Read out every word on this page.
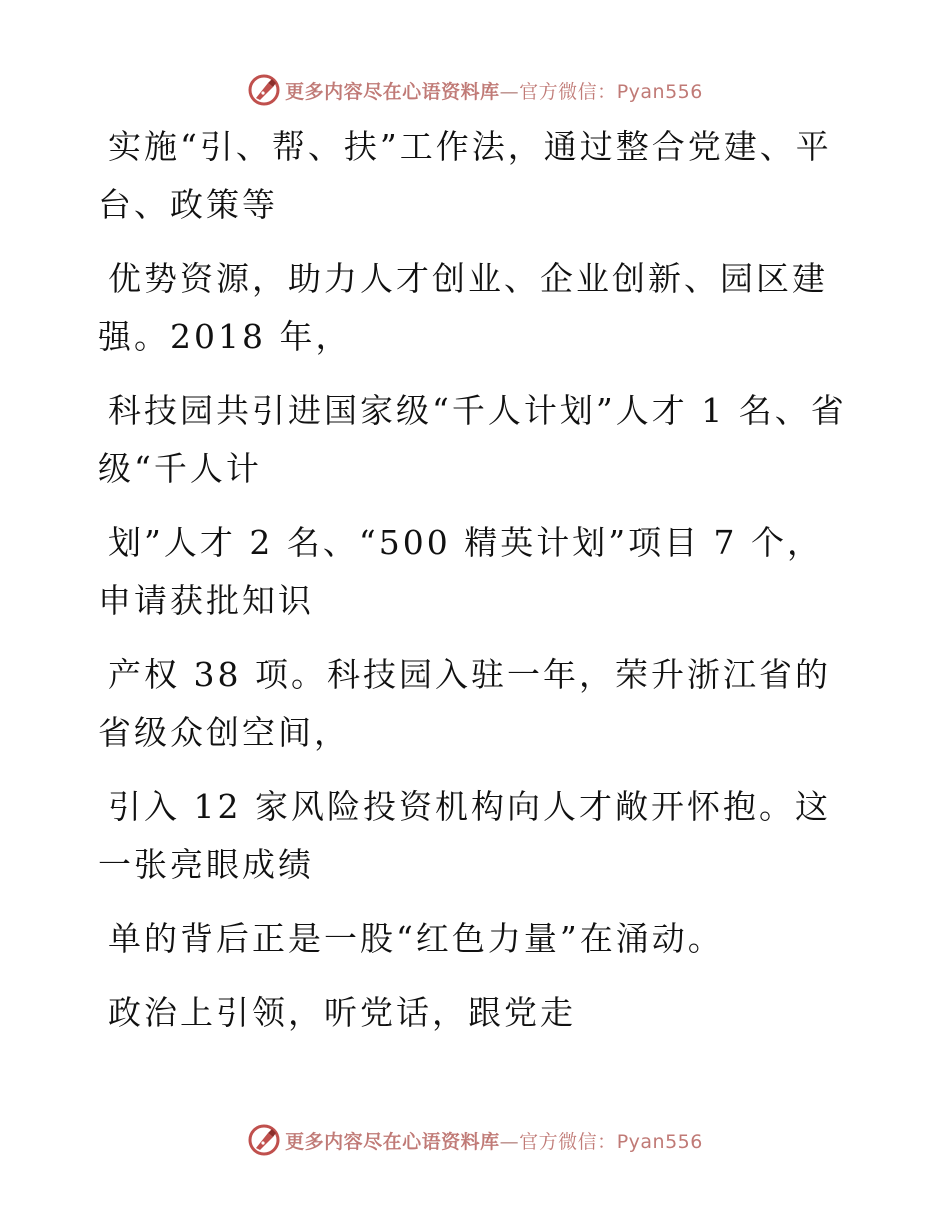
更多内容尽在心语资料库—官方微信：Pyan556

实施“引、帮、扶”工作法，通过整合党建、平台、政策等

优势资源，助力人才创业、企业创新、园区建强。2018 年，

科技园共引进国家级“千人计划”人才 1 名、省级“千人计

划”人才 2 名、“500 精英计划”项目 7 个，申请获批知识

产权 38 项。科技园入驻一年，荣升浙江省的省级众创空间，

引入 12 家风险投资机构向人才敞开怀抱。这一张亮眼成绩

单的背后正是一股“红色力量”在涌动。

政治上引领，听党话，跟党走

更多内容尽在心语资料库—官方微信：Pyan556
